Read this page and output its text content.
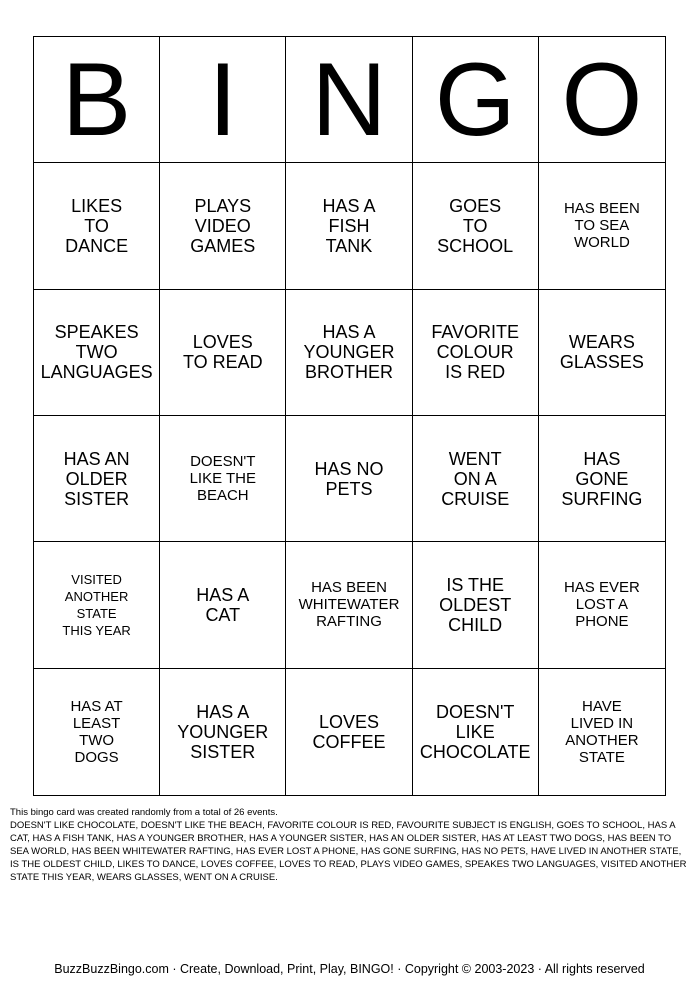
B I N G O
LIKES
TO
DANCE
PLAYS
VIDEO
GAMES
HAS A
FISH
TANK
GOES
TO
SCHOOL
HAS BEEN
TO SEA
WORLD
SPEAKES
TWO
LANGUAGES
LOVES
TO READ
HAS A
YOUNGER
BROTHER
FAVORITE
COLOUR
IS RED
WEARS
GLASSES
HAS AN
OLDER
SISTER
DOESN'T
LIKE THE
BEACH
HAS NO
PETS
WENT
ON A
CRUISE
HAS
GONE
SURFING
VISITED
ANOTHER
STATE
THIS YEAR
HAS A
CAT
HAS BEEN
WHITEWATER
RAFTING
IS THE
OLDEST
CHILD
HAS EVER
LOST A
PHONE
HAS AT
LEAST
TWO
DOGS
HAS A
YOUNGER
SISTER
LOVES
COFFEE
DOESN'T
LIKE
CHOCOLATE
HAVE
LIVED IN
ANOTHER
STATE

This bingo card was created randomly from a total of 26 events.

DOESN'T LIKE CHOCOLATE, DOESN'T LIKE THE BEACH, FAVORITE COLOUR IS RED, FAVOURITE SUBJECT IS ENGLISH, GOES TO SCHOOL, HAS A CAT, HAS A FISH TANK, HAS A YOUNGER BROTHER, HAS A YOUNGER SISTER, HAS AN OLDER SISTER, HAS AT LEAST TWO DOGS, HAS BEEN TO SEA WORLD, HAS BEEN WHITEWATER RAFTING, HAS EVER LOST A PHONE, HAS GONE SURFING, HAS NO PETS, HAVE LIVED IN ANOTHER STATE, IS THE OLDEST CHILD, LIKES TO DANCE, LOVES COFFEE, LOVES TO READ, PLAYS VIDEO GAMES, SPEAKES TWO LANGUAGES, VISITED ANOTHER STATE THIS YEAR, WEARS GLASSES, WENT ON A CRUISE.

BuzzBuzzBingo.com · Create, Download, Print, Play, BINGO! · Copyright © 2003-2023 · All rights reserved
